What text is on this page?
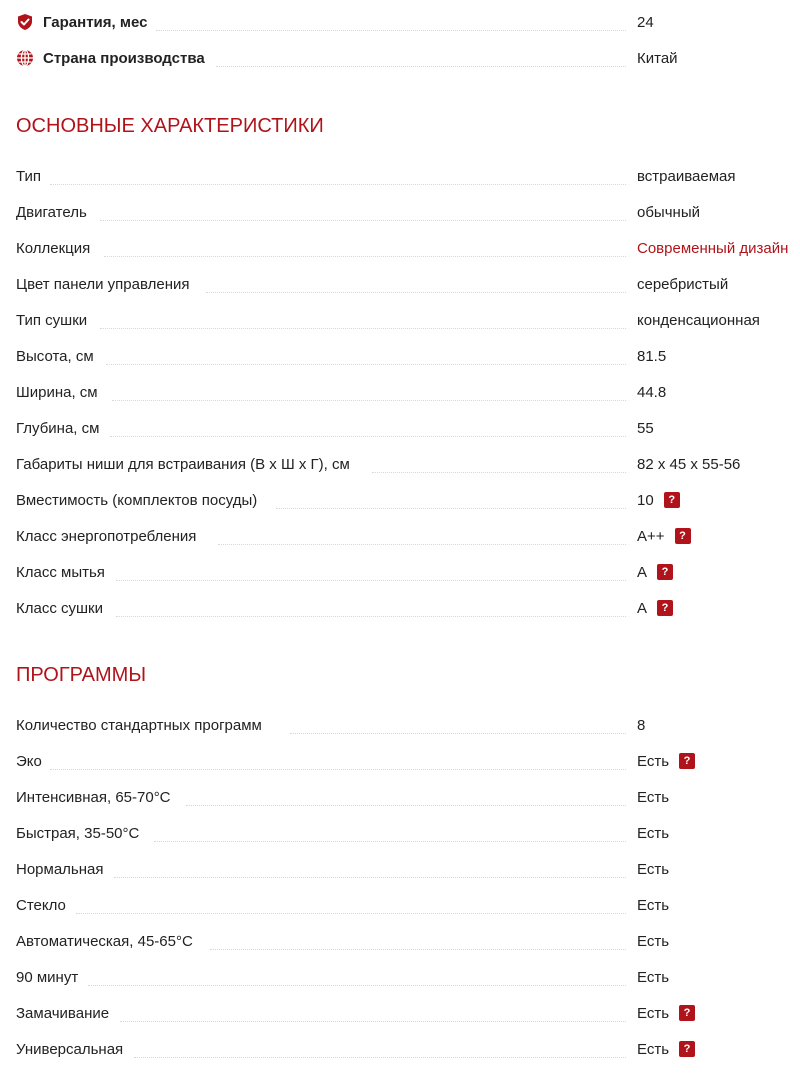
Гарантия, мес	24
Страна производства	Китай
ОСНОВНЫЕ ХАРАКТЕРИСТИКИ
Тип	встраиваемая
Двигатель	обычный
Коллекция	Современный дизайн
Цвет панели управления	серебристый
Тип сушки	конденсационная
Высота, см	81.5
Ширина, см	44.8
Глубина, см	55
Габариты ниши для встраивания (В х Ш х Г), см	82 х 45 х 55-56
Вместимость (комплектов посуды)	10	?
Класс энергопотребления	A++	?
Класс мытья	A	?
Класс сушки	A	?
ПРОГРАММЫ
Количество стандартных программ	8
Эко	Есть	?
Интенсивная, 65-70°C	Есть
Быстрая, 35-50°C	Есть
Нормальная	Есть
Стекло	Есть
Автоматическая, 45-65°C	Есть
90 минут	Есть
Замачивание	Есть	?
Универсальная	Есть	?
